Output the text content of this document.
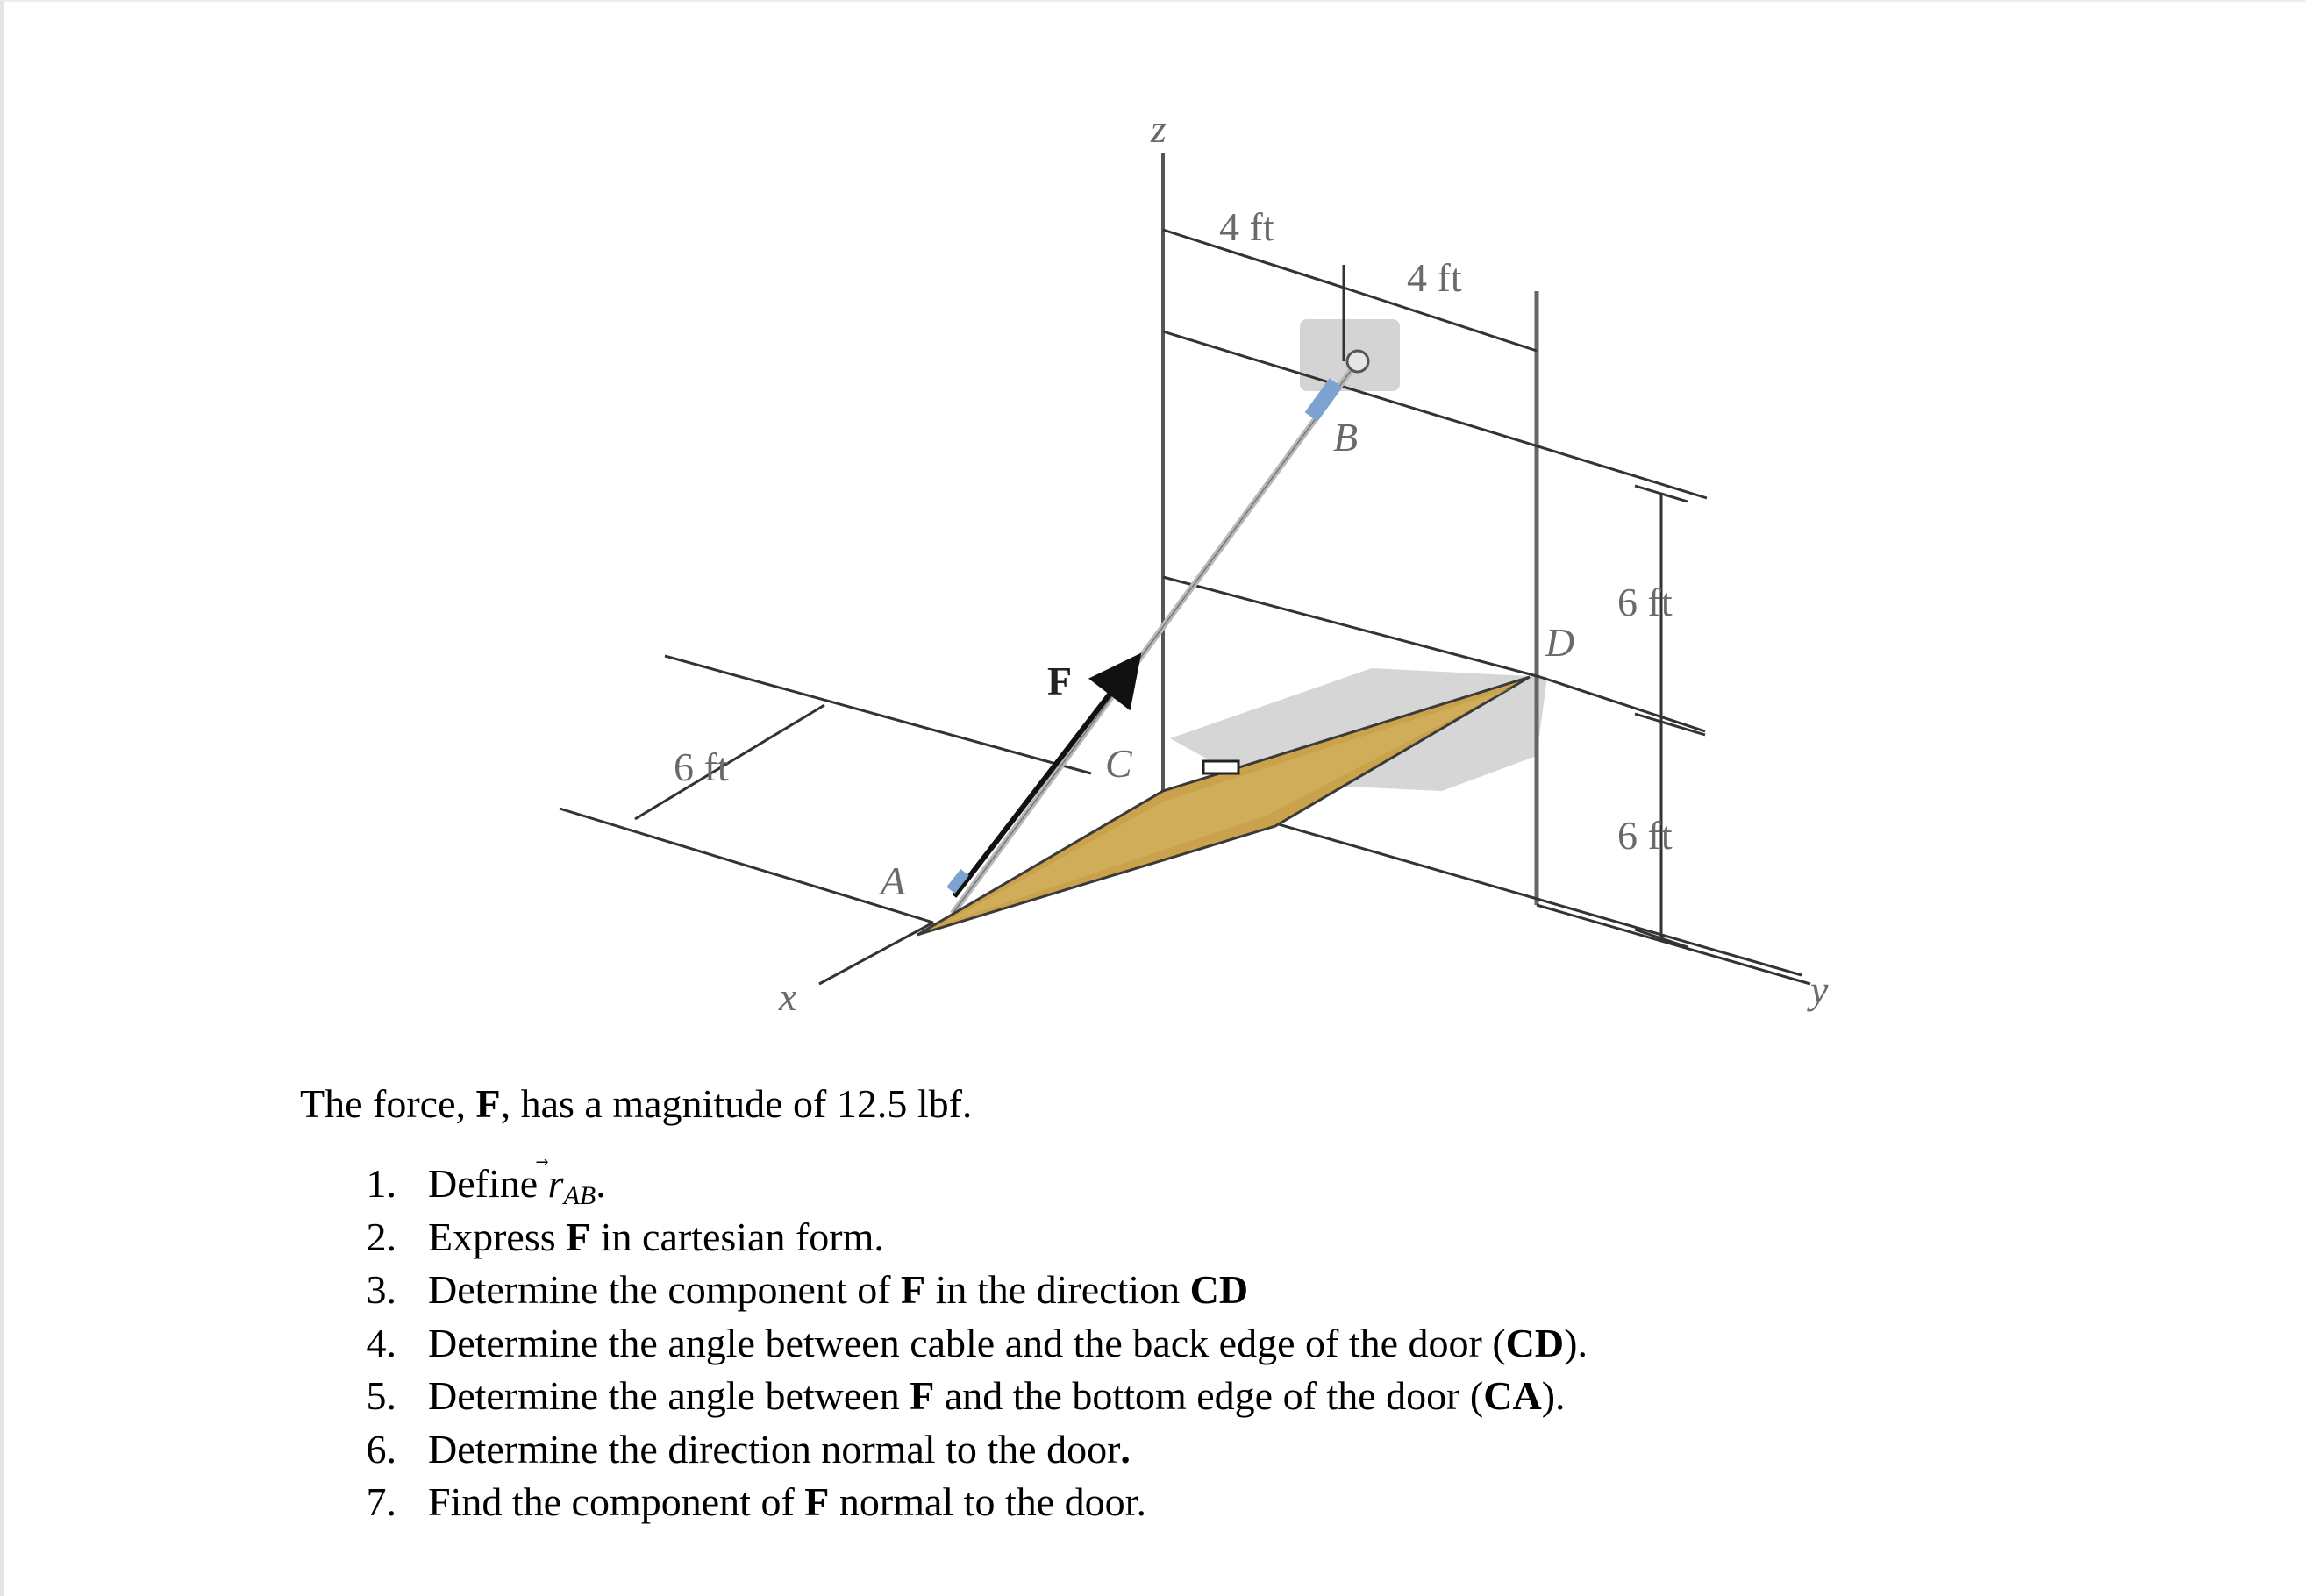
z
4 ft
4 ft
B
6 ft
D
F
C
6 ft
6 ft
A
x	y
The force, F, has a magnitude of 12.5 lbf.
1. Define r
$_{AB}$.
2. Express F in cartesian form.
3. Determine the component of F in the direction CD
4. Determine the angle between cable and the back edge of the door (CD).
5. Determine the angle between F and the bottom edge of the door (CA).
6. Determine the direction normal to the door.
7. Find the component of F normal to the door.
